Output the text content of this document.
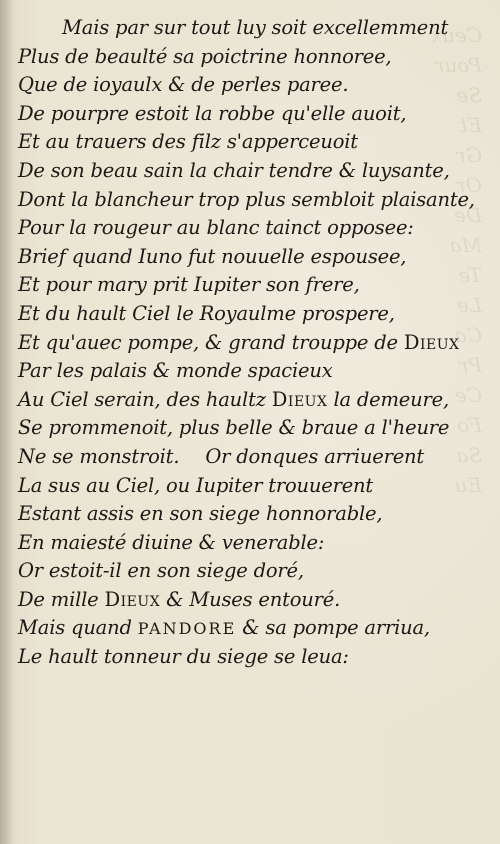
Ceux
Pour
Se
Et
Gr
Or
De
Ma
Te
Le
Ca
Pr
Ce
Fo
Sa
Eu
Mais par sur tout luy soit excellemment
Plus de beaulté sa poictrine honnoree,
Que de ioyaulx & de perles paree.
De pourpre estoit la robbe qu'elle auoit,
Et au trauers des filz s'apperceuoit
De son beau sain la chair tendre & luysante,
Dont la blancheur trop plus sembloit plaisante,
Pour la rougeur au blanc tainct opposee:
Brief quand Iuno fut nouuelle espousee,
Et pour mary prit Iupiter son frere,
Et du hault Ciel le Royaulme prospere,
Et qu'auec pompe, & grand trouppe de Dieux
Par les palais & monde spacieux
Au Ciel serain, des haultz Dieux la demeure,
Se prommenoit, plus belle & braue a l'heure
Ne se monstroit. Or donques arriuerent
La sus au Ciel, ou Iupiter trouuerent
Estant assis en son siege honnorable,
En maiesté diuine & venerable:
Or estoit-il en son siege doré,
De mille Dieux & Muses entouré.
Mais quand PANDORE & sa pompe arriua,
Le hault tonneur du siege se leua:
